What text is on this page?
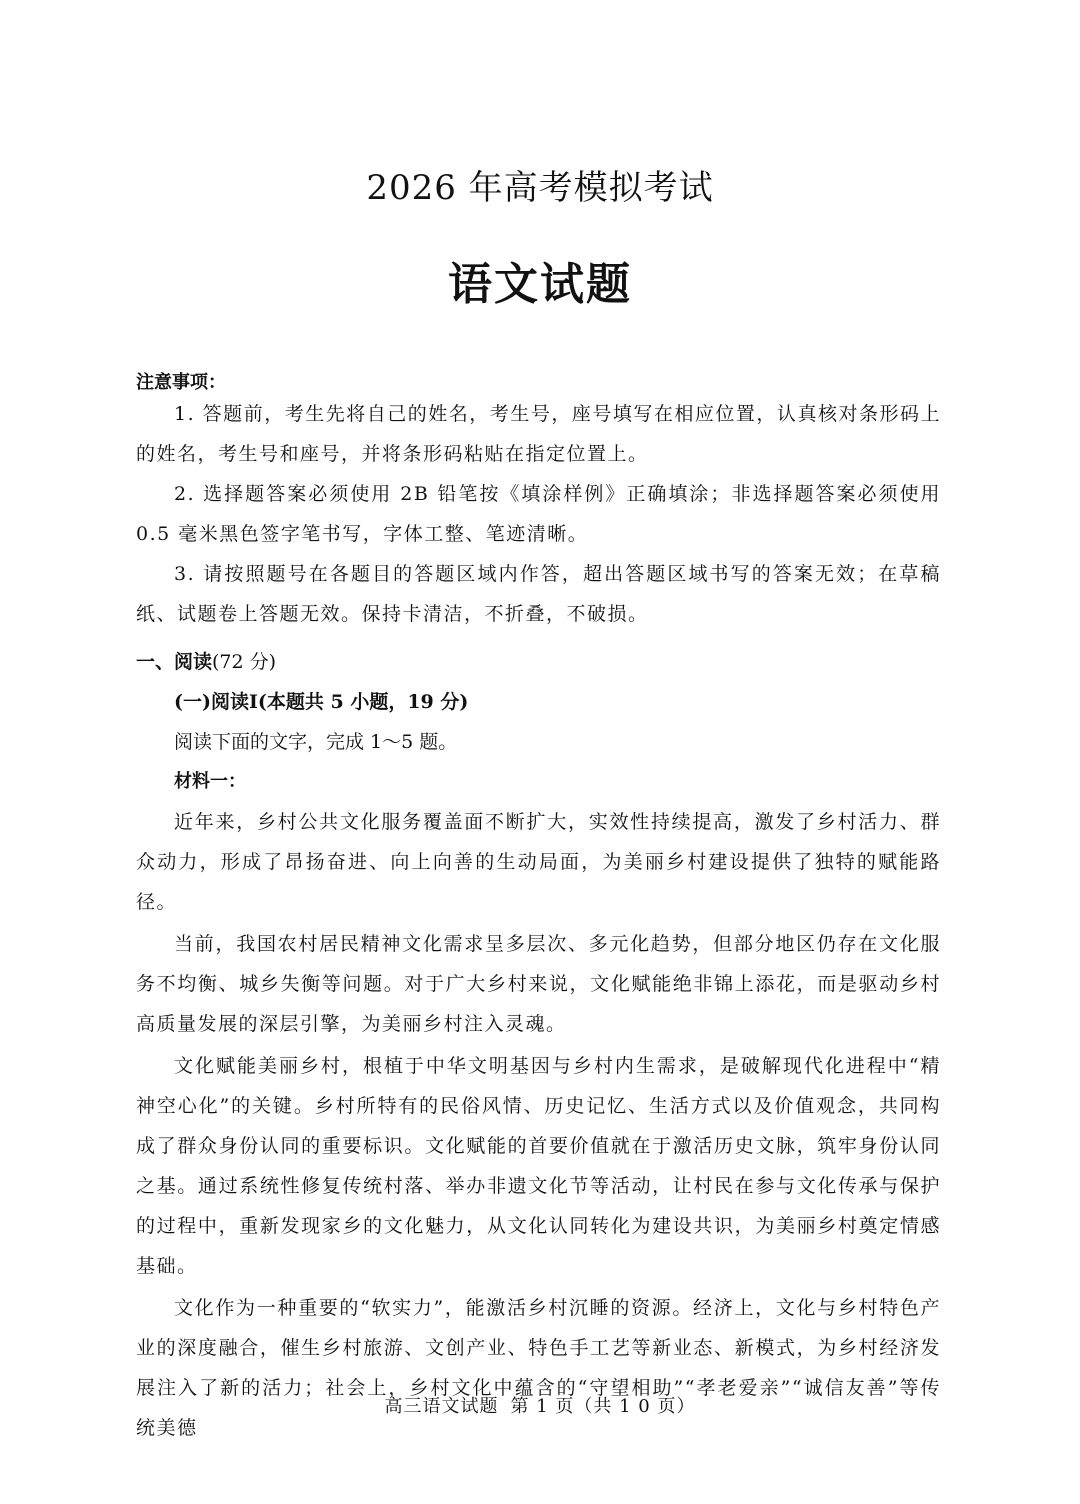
2026 年高考模拟考试
语文试题
注意事项：

1. 答题前，考生先将自己的姓名，考生号，座号填写在相应位置，认真核对条形码上的姓名，考生号和座号，并将条形码粘贴在指定位置上。

2. 选择题答案必须使用 2B 铅笔按《填涂样例》正确填涂；非选择题答案必须使用0.5 毫米黑色签字笔书写，字体工整、笔迹清晰。

3. 请按照题号在各题目的答题区域内作答，超出答题区域书写的答案无效；在草稿纸、试题卷上答题无效。保持卡清洁，不折叠，不破损。

一、阅读(72 分)
(一)阅读Ⅰ(本题共 5 小题，19 分)

阅读下面的文字，完成 1～5 题。

材料一：

近年来，乡村公共文化服务覆盖面不断扩大，实效性持续提高，激发了乡村活力、群众动力，形成了昂扬奋进、向上向善的生动局面，为美丽乡村建设提供了独特的赋能路径。

当前，我国农村居民精神文化需求呈多层次、多元化趋势，但部分地区仍存在文化服务不均衡、城乡失衡等问题。对于广大乡村来说，文化赋能绝非锦上添花，而是驱动乡村高质量发展的深层引擎，为美丽乡村注入灵魂。

文化赋能美丽乡村，根植于中华文明基因与乡村内生需求，是破解现代化进程中“精神空心化”的关键。乡村所特有的民俗风情、历史记忆、生活方式以及价值观念，共同构成了群众身份认同的重要标识。文化赋能的首要价值就在于激活历史文脉，筑牢身份认同之基。通过系统性修复传统村落、举办非遗文化节等活动，让村民在参与文化传承与保护的过程中，重新发现家乡的文化魅力，从文化认同转化为建设共识，为美丽乡村奠定情感基础。

文化作为一种重要的“软实力”，能激活乡村沉睡的资源。经济上，文化与乡村特色产业的深度融合，催生乡村旅游、文创产业、特色手工艺等新业态、新模式，为乡村经济发展注入了新的活力；社会上，乡村文化中蕴含的“守望相助”“孝老爱亲”“诚信友善”等传统美德

高三语文试题 第 1 页（共 1 0 页）
